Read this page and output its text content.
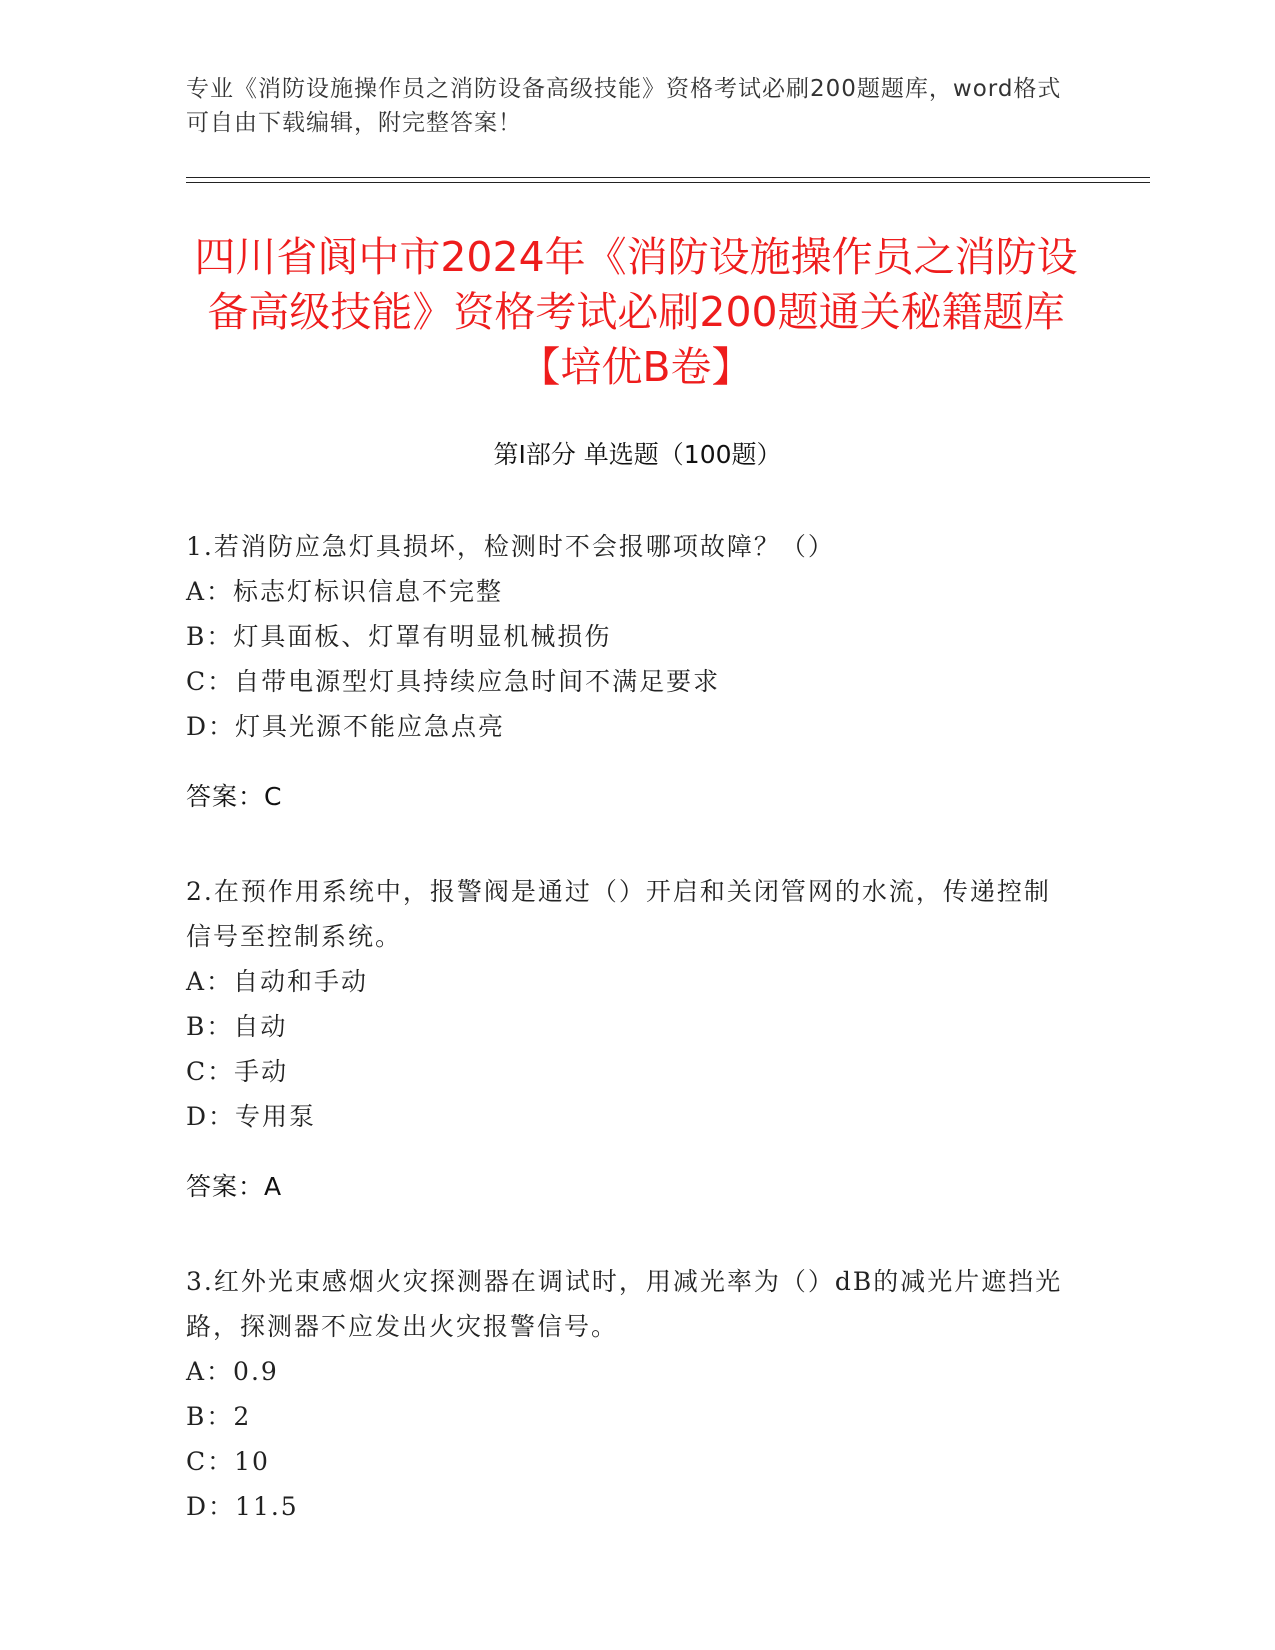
专业《消防设施操作员之消防设备高级技能》资格考试必刷200题题库，word格式可自由下载编辑，附完整答案！
四川省阆中市2024年《消防设施操作员之消防设备高级技能》资格考试必刷200题通关秘籍题库【培优B卷】
第I部分 单选题（100题）

1.若消防应急灯具损坏，检测时不会报哪项故障？（）

A：标志灯标识信息不完整

B：灯具面板、灯罩有明显机械损伤

C：自带电源型灯具持续应急时间不满足要求

D：灯具光源不能应急点亮

答案：C

2.在预作用系统中，报警阀是通过（）开启和关闭管网的水流，传递控制信号至控制系统。

A：自动和手动

B：自动

C：手动

D：专用泵

答案：A

3.红外光束感烟火灾探测器在调试时，用减光率为（）dB的减光片遮挡光路，探测器不应发出火灾报警信号。

A：0.9

B：2

C：10

D：11.5
